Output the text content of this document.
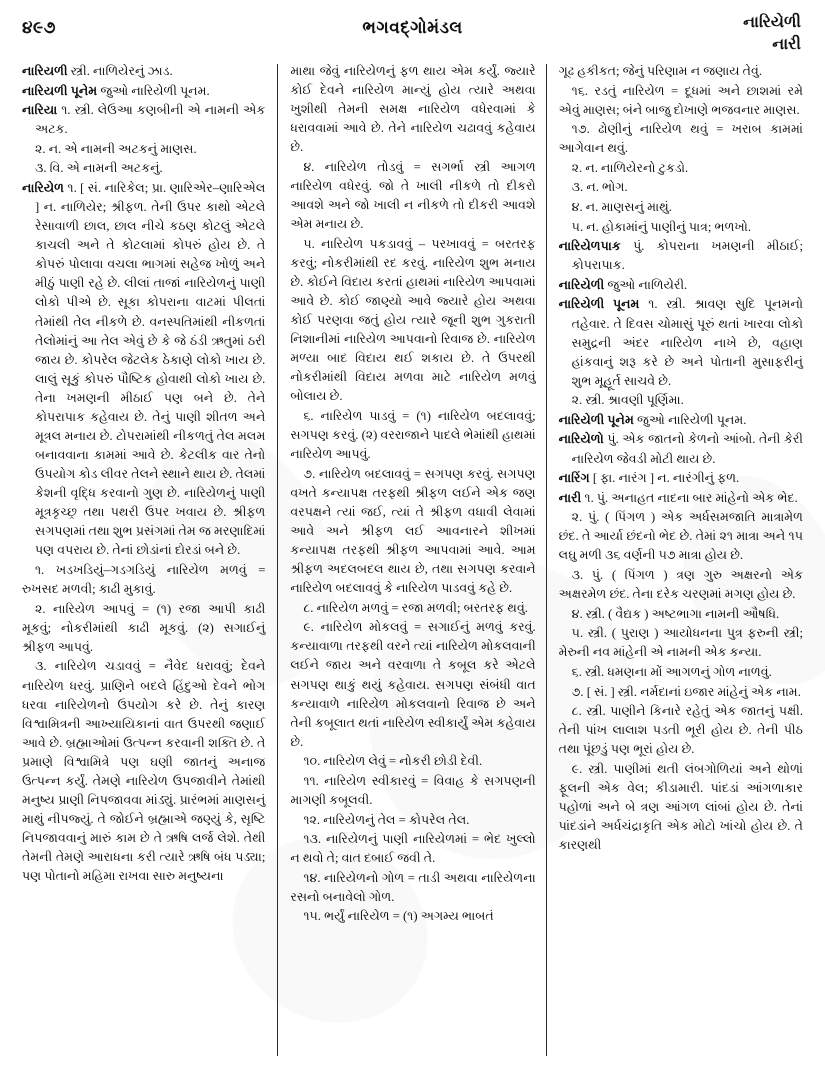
૪૯૭	ભગવદ્ગોમંડલ	નારિયેળી
નારી

નારિયળી સ્ત્રી. નાળિયેરનું ઝાડ.

નારિયળી પૂનેમ જુઓ નારિયેળી પૂનમ.

નારિયા ૧. સ્ત્રી. લેઉઆ કણબીની એ નામની એક અટક.

૨. ન. એ નામની અટકનું માણસ.

૩. વિ. એ નામની અટકનું.

નારિયેળ ૧. [ સં. નારિકેલ; પ્રા. ણારિએર–ણારિએલ ] ન. નાળિયેર; શ્રીફળ. તેની ઉપર કાથો એટલે રેસાવાળી છાલ, છાલ નીચે કઠણ કોટલું એટલે કાચલી અને તે કોટલામાં કોપરું હોય છે. તે કોપરું પોલાવા વચલા ભાગમાં સહેજ ખોળું અને મીઠું પાણી રહે છે. લીલાં તાજાં નારિયેળનું પાણી લોકો પીએ છે. સૂકા કોપરાના વાટમાં પીલતાં તેમાંથી તેલ નીકળે છે. વનસ્પતિમાંથી નીકળતાં તેલોમાંનું આ તેલ એવું છે કે જે ઠંડી ઋતુમાં ઠરી જાય છે. કોપરેલ જેટલેક ઠેકાણે લોકો ખાય છે. લાલું સૂકું કોપરું પૌષ્ટિક હોવાથી લોકો ખાય છે. તેના ખમણની મીઠાઈ પણ બને છે. તેને કોપરાપાક કહેવાય છે. તેનું પાણી શીતળ અને મૂત્રલ મનાય છે. ટોપરામાંથી નીકળતું તેલ મલમ બનાવવાના કામમાં આવે છે. કેટલીક વાર તેનો ઉપયોગ કોડ લીવર તેલને સ્થાને થાય છે. તેલમાં કેશની વૃદ્ધિ કરવાનો ગુણ છે. નારિયેળનું પાણી મૂત્રકૃચ્છ્ર તથા પથરી ઉપર ખવાય છે. શ્રીફળ સગપણમાં તથા શુભ પ્રસંગમાં તેમ જ મરણાદિમાં પણ વપરાય છે. તેનાં છોડાંનાં દોરડાં બને છે.

૧. ખડખડિયું–ગડગડિયું નારિયેળ મળવું = રુખસદ મળવી; કાઢી મુકાવું.

૨. નારિયેળ આપવું = (૧) રજા આપી કાઢી મૂકવું; નોકરીમાંથી કાઢી મૂકવું. (૨) સગાઈનું શ્રીફળ આપવું.

૩. નારિયેળ ચડાવવું = નૈવેદ ધરાવવું; દેવને નારિયેળ ધરવું. પ્રાણિને બદલે હિંદુઓ દેવને ભોગ ધરવા નારિયેળનો ઉપયોગ કરે છે. તેનું કારણ વિશ્વામિત્રની આખ્યાયિકાનાં વાત ઉપરથી જણાઈ આવે છે. બ્રહ્માઓમાં ઉત્પન્ન કરવાની શક્તિ છે. તે પ્રમાણે વિશ્વામિત્રે પણ ઘણી જાતનું અનાજ ઉત્પન્ન કર્યું. તેમણે નારિયેળ ઉપજાવીને તેમાંથી મનુષ્ય પ્રાણી નિપજાવવા માંડ્યું. પ્રારંભમાં માણસનું માથું નીપજ્યું. તે જોઈને બ્રહ્માએ જણ્યું કે, સૃષ્ટિ નિપજાવવાનું મારું કામ છે તે ઋષિ લર્જ લેશે. તેથી તેમની તેમણે આરાધના કરી ત્યારે ઋષિ બંધ પડ્યા; પણ પોતાનો મહિમા રાખવા સારુ મનુષ્યના

માથા જેવું નારિયેળનું ફળ થાય એમ કર્યું. જ્યારે કોઈ દેવને નારિયેળ માન્યું હોય ત્યારે અથવા ખુશીથી તેમની સમક્ષ નારિયેળ વધેરવામાં કે ધરાવવામાં આવે છે. તેને નારિયેળ ચઢાવવું કહેવાય છે.

૪. નારિયેળ તોડવું = સગર્ભા સ્ત્રી આગળ નારિયેળ વધેરવું. જો તે ખાલી નીકળે તો દીકરો આવશે અને જો ખાલી ન નીકળે તો દીકરી આવશે એમ મનાય છે.

૫. નારિયેળ પકડાવવું – પરખાવવું = બરતરફ કરવું; નોકરીમાંથી રદ કરવું. નારિયેળ શુભ મનાય છે. કોઈને વિદાય કરતાં હાથમાં નારિયેળ આપવામાં આવે છે. કોઈ જાણ્યો આવે જ્યારે હોય અથવા કોઈ પરણવા જતું હોય ત્યારે જૂની શુભ ગુકરાતી નિશાનીમાં નારિયેળ આપવાનો રિવાજ છે. નારિયેળ મળ્યા બાદ વિદાય થઈ શકાય છે. તે ઉપરથી નોકરીમાંથી વિદાય મળવા માટે નારિયેળ મળવું બોલાય છે.

૬. નારિયેળ પાડવું = (૧) નારિયેળ બદલાવવું; સગપણ કરવું. (૨) વરરાજાને પાદલે ભેમાંથી હાથમાં નારિયેળ આપવું.

૭. નારિયેળ બદલાવવું = સગપણ કરવું. સગપણ વખતે કન્યાપક્ષ તરફથી શ્રીફળ લઈને એક જણ વરપક્ષને ત્યાં જઈ, ત્યાં તે શ્રીફળ વધાવી લેવામાં આવે અને શ્રીફળ લઈ આવનારને શીખમાં કન્યાપક્ષ તરફથી શ્રીફળ આપવામાં આવે. આમ શ્રીફળ અદલબદલ થાય છે, તથા સગપણ કરવાને નારિયેળ બદલાવવું કે નારિયેળ પાડવવું કહે છે.

૮. નારિયેળ મળવું = રજા મળવી; બરતરફ થવું.

૯. નારિયેળ મોકલવું = સગાઈનું મળવું કરવું. કન્યાવાળા તરફથી વરને ત્યાં નારિયેળ મોકલવાની લઈને જાય અને વરવાળા તે કબૂલ કરે એટલે સગપણ થાકું થયું કહેવાય. સગપણ સંબંધી વાત કન્યાવાળે નારિયેળ મોકલવાનો રિવાજ છે અને તેની કબૂલાત થતાં નારિયેળ સ્વીકાર્યું એમ કહેવાય છે.

૧૦. નારિયેળ લેવું = નોકરી છોડી દેવી.

૧૧. નારિયેળ સ્વીકારવું = વિવાહ કે સગપણની માગણી કબૂલવી.

૧૨. નારિયેળનું તેલ = કોપરેલ તેલ.

૧૩. નારિયેળનું પાણી નારિયેળમાં = ભેદ ખુલ્લો ન થવો તે; વાત દબાઈ જવી તે.

૧૪. નારિયેળનો ગોળ = તાડી અથવા નારિયેળના રસનો બનાવેલો ગોળ.

૧૫. ભર્યું નારિયેળ = (૧) અગમ્ય ભાબતં

ગૂઢ હકીકત; જેનું પરિણામ ન જણાય તેવું.

૧૬. રડતું નારિયેળ = દૂધમાં અને છાશમાં રમે એવું માણસ; બંને બાજુ દોખાણે ભજવનાર માણસ.

૧૭. ઢોણીનું નારિયેળ થવું = ખરાબ કામમાં આગેવાન થવું.

૨. ન. નાળિયેરનો ટુકડો.

૩. ન. ભોગ.

૪. ન. માણસનું માથું.

૫. ન. હોકામાંનું પાણીનું પાત્ર; ભળખો.

નારિયેળપાક પું. કોપરાના ખમણની મીઠાઈ; કોપરાપાક.

નારિયેળી જુઓ નાળિયેરી.

નારિયેળી પૂનમ ૧. સ્ત્રી. શ્રાવણ સુદિ પૂનમનો તહેવાર. તે દિવસ ચોમાસું પૂરું થતાં ખારવા લોકો સમુદ્રની અંદર નારિયેળ નાખે છે, વહાણ હાંકવાનું શરૂ કરે છે અને પોતાની મુસાફરીનું શુભ મૂહૂર્ત સાચવે છે.

૨. સ્ત્રી. શ્રાવણી પૂર્ણિમા.

નારિયેળી પૂનેમ જુઓ નારિયેળી પૂનમ.

નારિયેળો પું. એક જાતનો કેળનો આંબો. તેની કેરી નારિયેળ જેવડી મોટી થાય છે.

નારિંગ [ ફા. નારંગ ] ન. નારંગીનું ફળ.

નારી ૧. પું. અનાહત નાદના બાર માંહેનો એક ભેદ.

૨. પું. ( પિંગળ ) એક અર્ધસમજાતિ માત્રામેળ છંદ. તે આર્યા છંદનો ભેદ છે. તેમાં ૨૧ માત્રા અને ૧૫ લઘુ મળી ૩૬ વર્ણની ૫૭ માત્રા હોય છે.

૩. પું. ( પિંગળ ) ત્રણ ગુરુ અક્ષરનો એક અક્ષરમેળ છંદ. તેના દરેક ચરણમાં મગણ હોય છે.

૪. સ્ત્રી. ( વૈદ્યક ) અષ્ટભાગા નામની ઔષધિ.

૫. સ્ત્રી. ( પુરાણ ) આયોધનના પુત્ર ફરુની સ્ત્રી; મેરુની નવ માંહેની એ નામની એક કન્યા.

૬. સ્ત્રી. ધમણના મોં આગળનું ગોળ નાળવું.

૭. [ સં. ] સ્ત્રી. નર્મદાનાં ઇજાર માંહેનું એક નામ.

૮. સ્ત્રી. પાણીને કિનારે રહેતું એક જાતનું પક્ષી. તેની પાંખ લાલાશ પડતી ભૂરી હોય છે. તેની પીઠ તથા પૂંછડું પણ ભૂરાં હોય છે.

૯. સ્ત્રી. પાણીમાં થતી લંબગોળિયાં અને થોળાં ફૂલની એક વેલ; કીડામારી. પાંદડાં આંગળાકાર પહોળાં અને બે ત્રણ આંગળ લાંબાં હોય છે. તેનાં પાંદડાંને અર્ધચંદ્રાકૃતિ એક મોટો ખાંચો હોય છે. તે કારણથી
